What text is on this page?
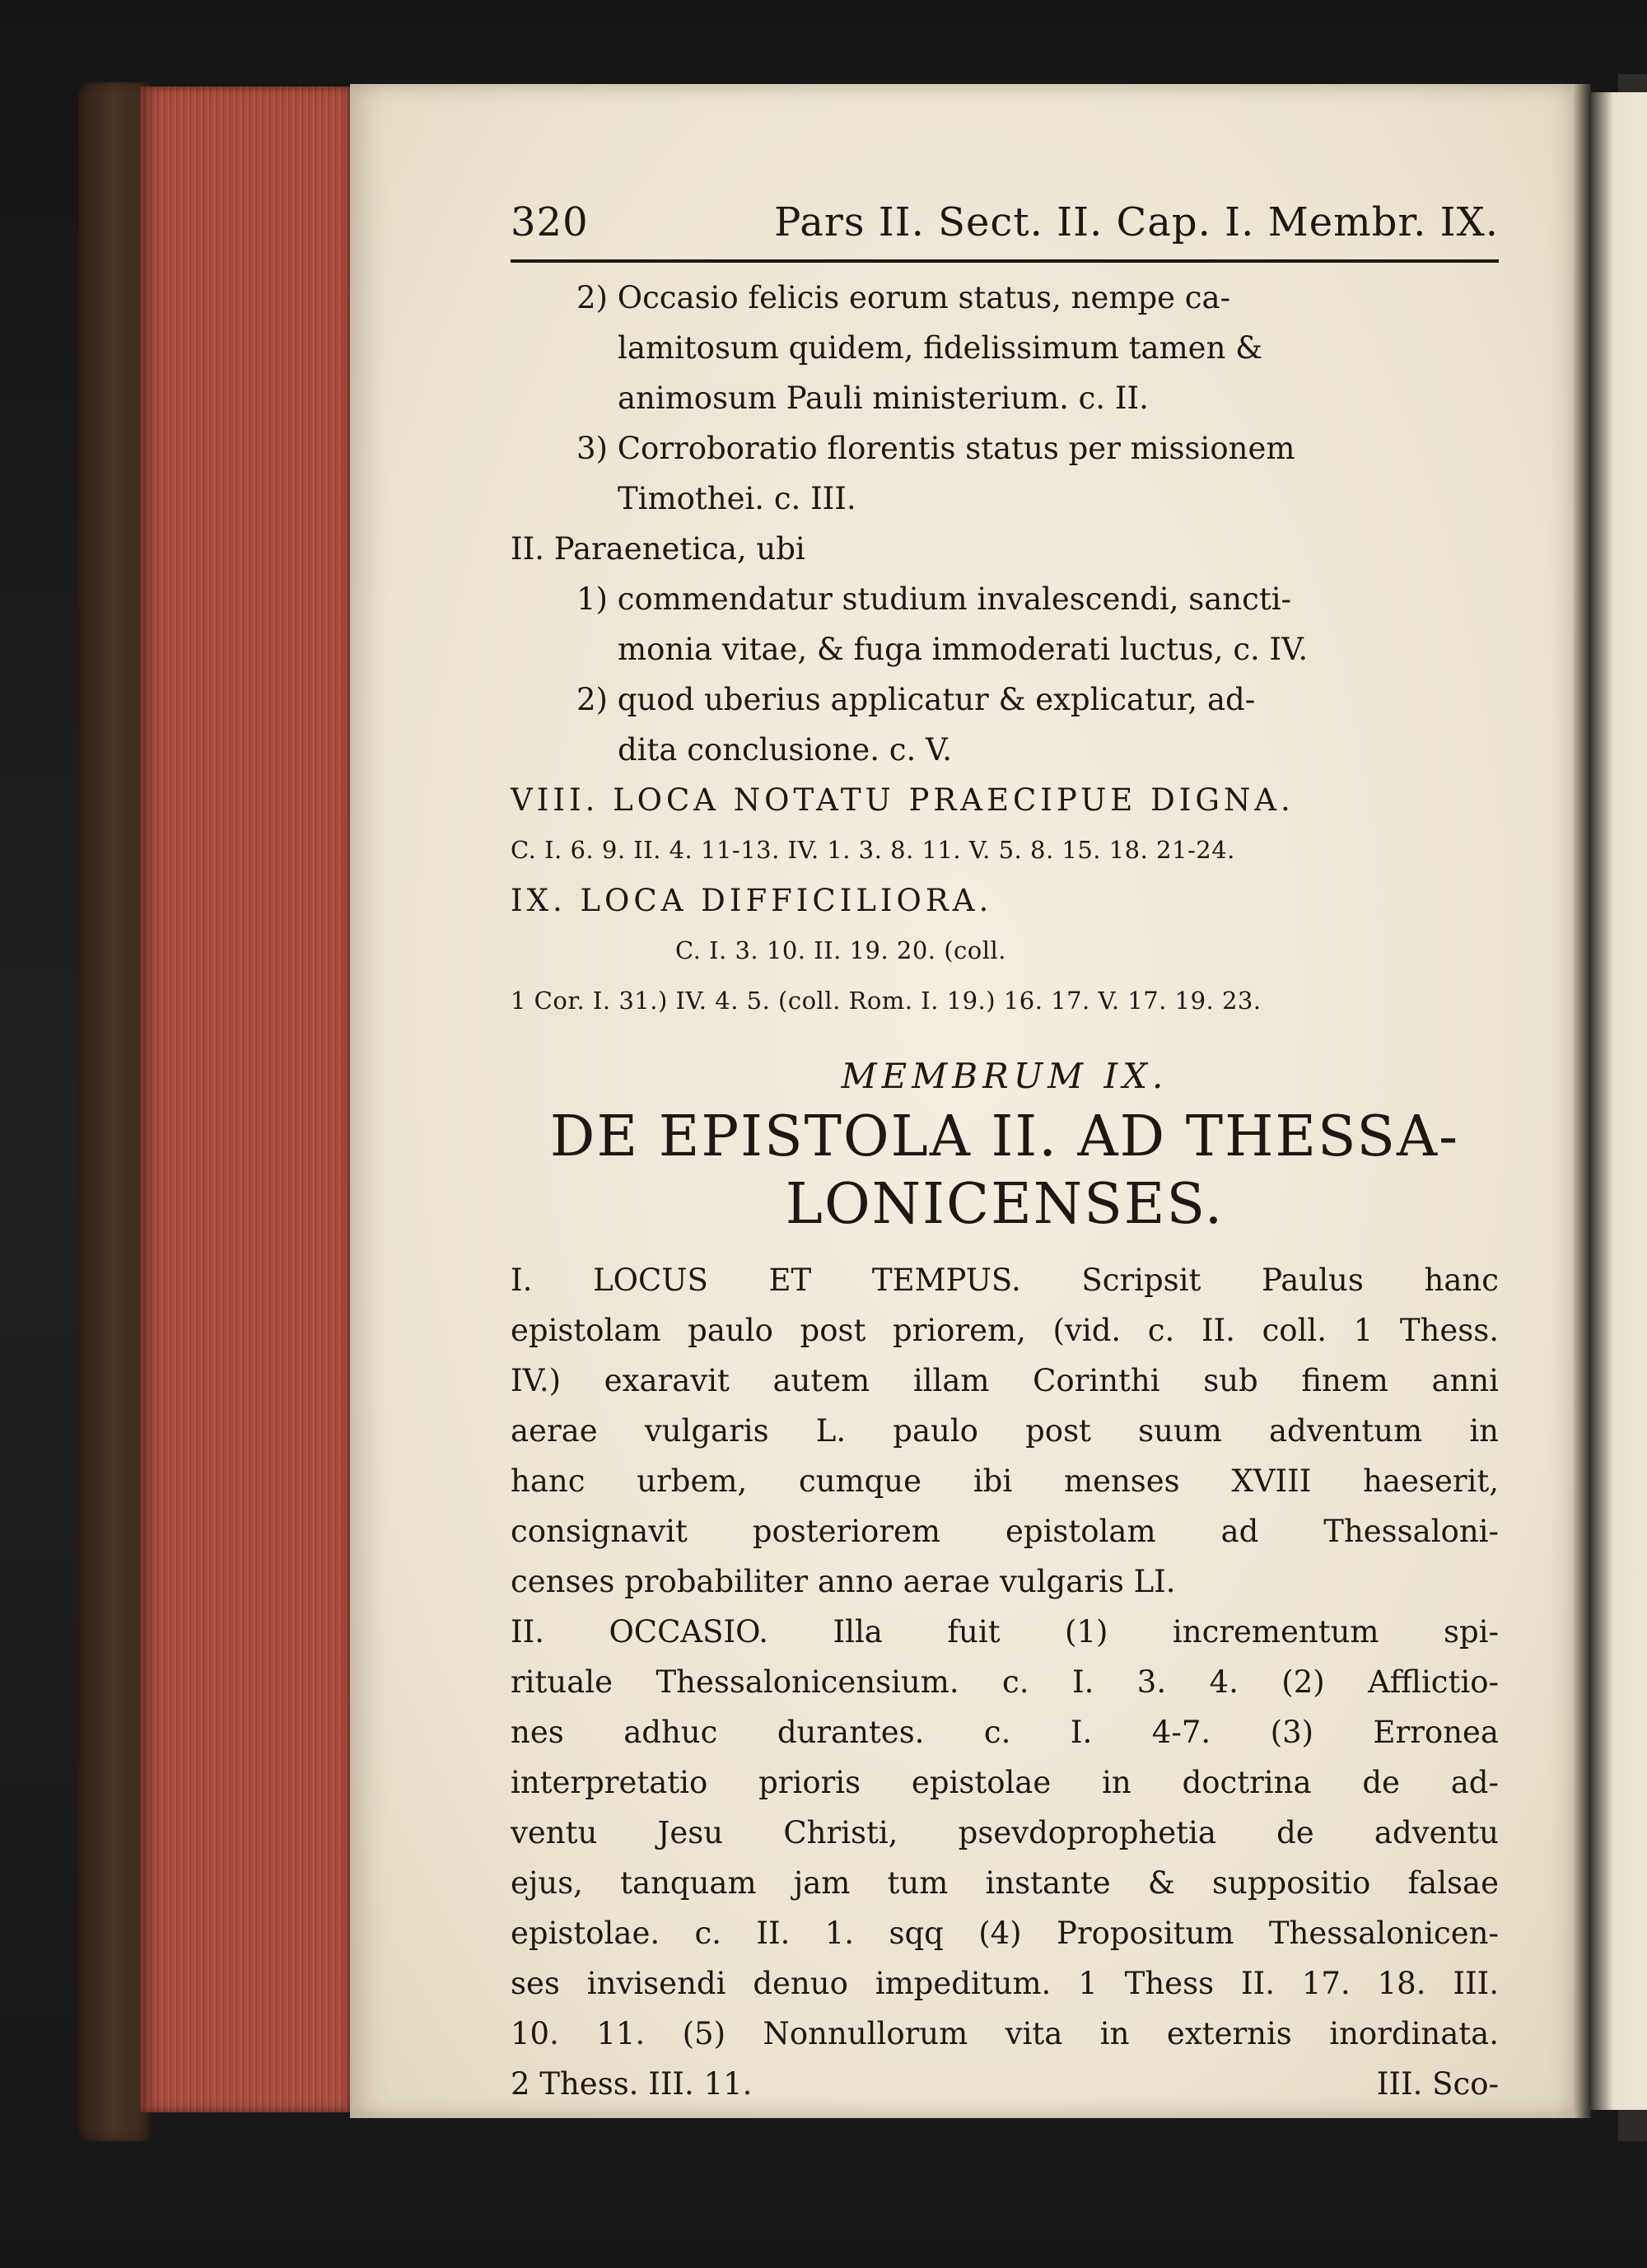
320	Pars II. Sect. II. Cap. I. Membr. IX.
2) Occasio felicis eorum status, nempe ca-
lamitosum quidem, fidelissimum tamen &
animosum Pauli ministerium. c. II.
3) Corroboratio florentis status per missionem
Timothei. c. III.
II. Paraenetica, ubi
1) commendatur studium invalescendi, sancti-
monia vitae, & fuga immoderati luctus, c. IV.
2) quod uberius applicatur & explicatur, ad-
dita conclusione. c. V.
VIII. LOCA NOTATU PRAECIPUE DIGNA.
C. I. 6. 9. II. 4. 11-13. IV. 1. 3. 8. 11. V. 5. 8. 15. 18. 21-24.
IX. LOCA DIFFICILIORA.
C. I. 3. 10. II. 19. 20. (coll.
1 Cor. I. 31.) IV. 4. 5. (coll. Rom. I. 19.) 16. 17. V. 17. 19. 23.
MEMBRUM IX.
DE EPISTOLA II. AD THESSA-
LONICENSES.
I. LOCUS ET TEMPUS. Scripsit Paulus hanc
epistolam paulo post priorem, (vid. c. II. coll. 1 Thess.
IV.) exaravit autem illam Corinthi sub finem anni
aerae vulgaris L. paulo post suum adventum in
hanc urbem, cumque ibi menses XVIII haeserit,
consignavit posteriorem epistolam ad Thessaloni-
censes probabiliter anno aerae vulgaris LI.
II. OCCASIO. Illa fuit (1) incrementum spi-
rituale Thessalonicensium. c. I. 3. 4. (2) Afflictio-
nes adhuc durantes. c. I. 4-7. (3) Erronea
interpretatio prioris epistolae in doctrina de ad-
ventu Jesu Christi, psevdoprophetia de adventu
ejus, tanquam jam tum instante & suppositio falsae
epistolae. c. II. 1. sqq (4) Propositum Thessalonicen-
ses invisendi denuo impeditum. 1 Thess II. 17. 18. III.
10. 11. (5) Nonnullorum vita in externis inordinata.
2 Thess. III. 11.	III. Sco-
